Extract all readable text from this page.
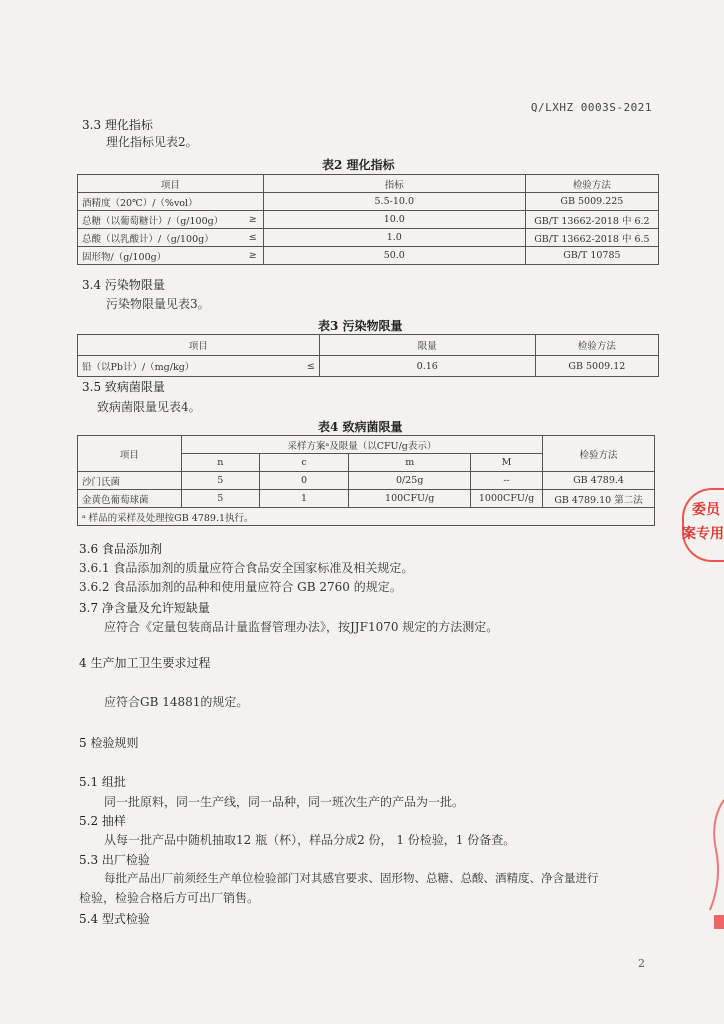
Q/LXHZ 0003S-2021
3.3 理化指标
理化指标见表2。
表2 理化指标
项目		指标	检验方法
酒精度（20℃）/（%vol）		5.5-10.0	GB 5009.225
总糖（以葡萄糖计）/（g/100g）	≥	10.0	GB/T 13662-2018 中 6.2
总酸（以乳酸计）/（g/100g）	≤	1.0	GB/T 13662-2018 中 6.5
固形物/（g/100g）	≥	50.0	GB/T 10785
3.4 污染物限量
污染物限量见表3。
表3 污染物限量
项目		限量	检验方法
铅（以Pb计）/（mg/kg）	≤	0.16	GB 5009.12
3.5 致病菌限量
致病菌限量见表4。
表4 致病菌限量
项目	采样方案ᵃ及限量（以CFU/g表示）				检验方法
	n	c	m	M	
沙门氏菌	5	0	0/25g	--	GB 4789.4
金黄色葡萄球菌	5	1	100CFU/g	1000CFU/g	GB 4789.10 第二法
ᵃ 样品的采样及处理按GB 4789.1执行。					
3.6 食品添加剂
3.6.1 食品添加剂的质量应符合食品安全国家标准及相关规定。
3.6.2 食品添加剂的品种和使用量应符合 GB 2760 的规定。
3.7 净含量及允许短缺量
应符合《定量包装商品计量监督管理办法》，按JJF1070 规定的方法测定。
4 生产加工卫生要求过程
应符合GB 14881的规定。
5 检验规则
5.1 组批
同一批原料，同一生产线，同一品种，同一班次生产的产品为一批。
5.2 抽样
从每一批产品中随机抽取12 瓶（杯），样品分成2 份， 1 份检验，1 份备查。
5.3 出厂检验
每批产品出厂前须经生产单位检验部门对其感官要求、固形物、总糖、总酸、酒精度、净含量进行
检验，检验合格后方可出厂销售。
5.4 型式检验
委员
案专用
2
